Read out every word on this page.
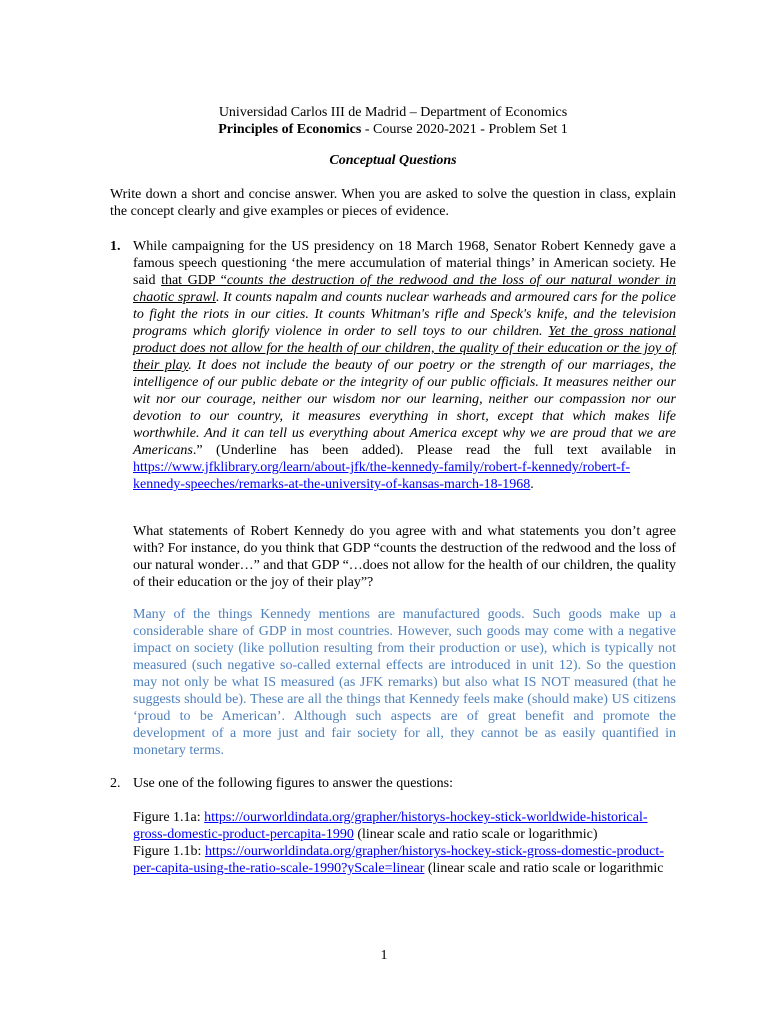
Universidad Carlos III de Madrid – Department of Economics
Principles of Economics - Course 2020-2021 - Problem Set 1
Conceptual Questions

Write down a short and concise answer. When you are asked to solve the question in class, explain the concept clearly and give examples or pieces of evidence.

1. While campaigning for the US presidency on 18 March 1968, Senator Robert Kennedy gave a famous speech questioning ‘the mere accumulation of material things’ in American society. He said that GDP “counts the destruction of the redwood and the loss of our natural wonder in chaotic sprawl. It counts napalm and counts nuclear warheads and armoured cars for the police to fight the riots in our cities. It counts Whitman's rifle and Speck's knife, and the television programs which glorify violence in order to sell toys to our children. Yet the gross national product does not allow for the health of our children, the quality of their education or the joy of their play. It does not include the beauty of our poetry or the strength of our marriages, the intelligence of our public debate or the integrity of our public officials. It measures neither our wit nor our courage, neither our wisdom nor our learning, neither our compassion nor our devotion to our country, it measures everything in short, except that which makes life worthwhile. And it can tell us everything about America except why we are proud that we are Americans.” (Underline has been added). Please read the full text available in https://www.jfklibrary.org/learn/about-jfk/the-kennedy-family/robert-f-kennedy/robert-f-kennedy-speeches/remarks-at-the-university-of-kansas-march-18-1968.

What statements of Robert Kennedy do you agree with and what statements you don’t agree with? For instance, do you think that GDP “counts the destruction of the redwood and the loss of our natural wonder…” and that GDP “…does not allow for the health of our children, the quality of their education or the joy of their play”?

Many of the things Kennedy mentions are manufactured goods. Such goods make up a considerable share of GDP in most countries. However, such goods may come with a negative impact on society (like pollution resulting from their production or use), which is typically not measured (such negative so-called external effects are introduced in unit 12). So the question may not only be what IS measured (as JFK remarks) but also what IS NOT measured (that he suggests should be). These are all the things that Kennedy feels make (should make) US citizens ‘proud to be American’. Although such aspects are of great benefit and promote the development of a more just and fair society for all, they cannot be as easily quantified in monetary terms.

2. Use one of the following figures to answer the questions:

Figure 1.1a: https://ourworldindata.org/grapher/historys-hockey-stick-worldwide-historical-gross-domestic-product-percapita-1990 (linear scale and ratio scale or logarithmic)

Figure 1.1b: https://ourworldindata.org/grapher/historys-hockey-stick-gross-domestic-product-per-capita-using-the-ratio-scale-1990?yScale=linear (linear scale and ratio scale or logarithmic

1
